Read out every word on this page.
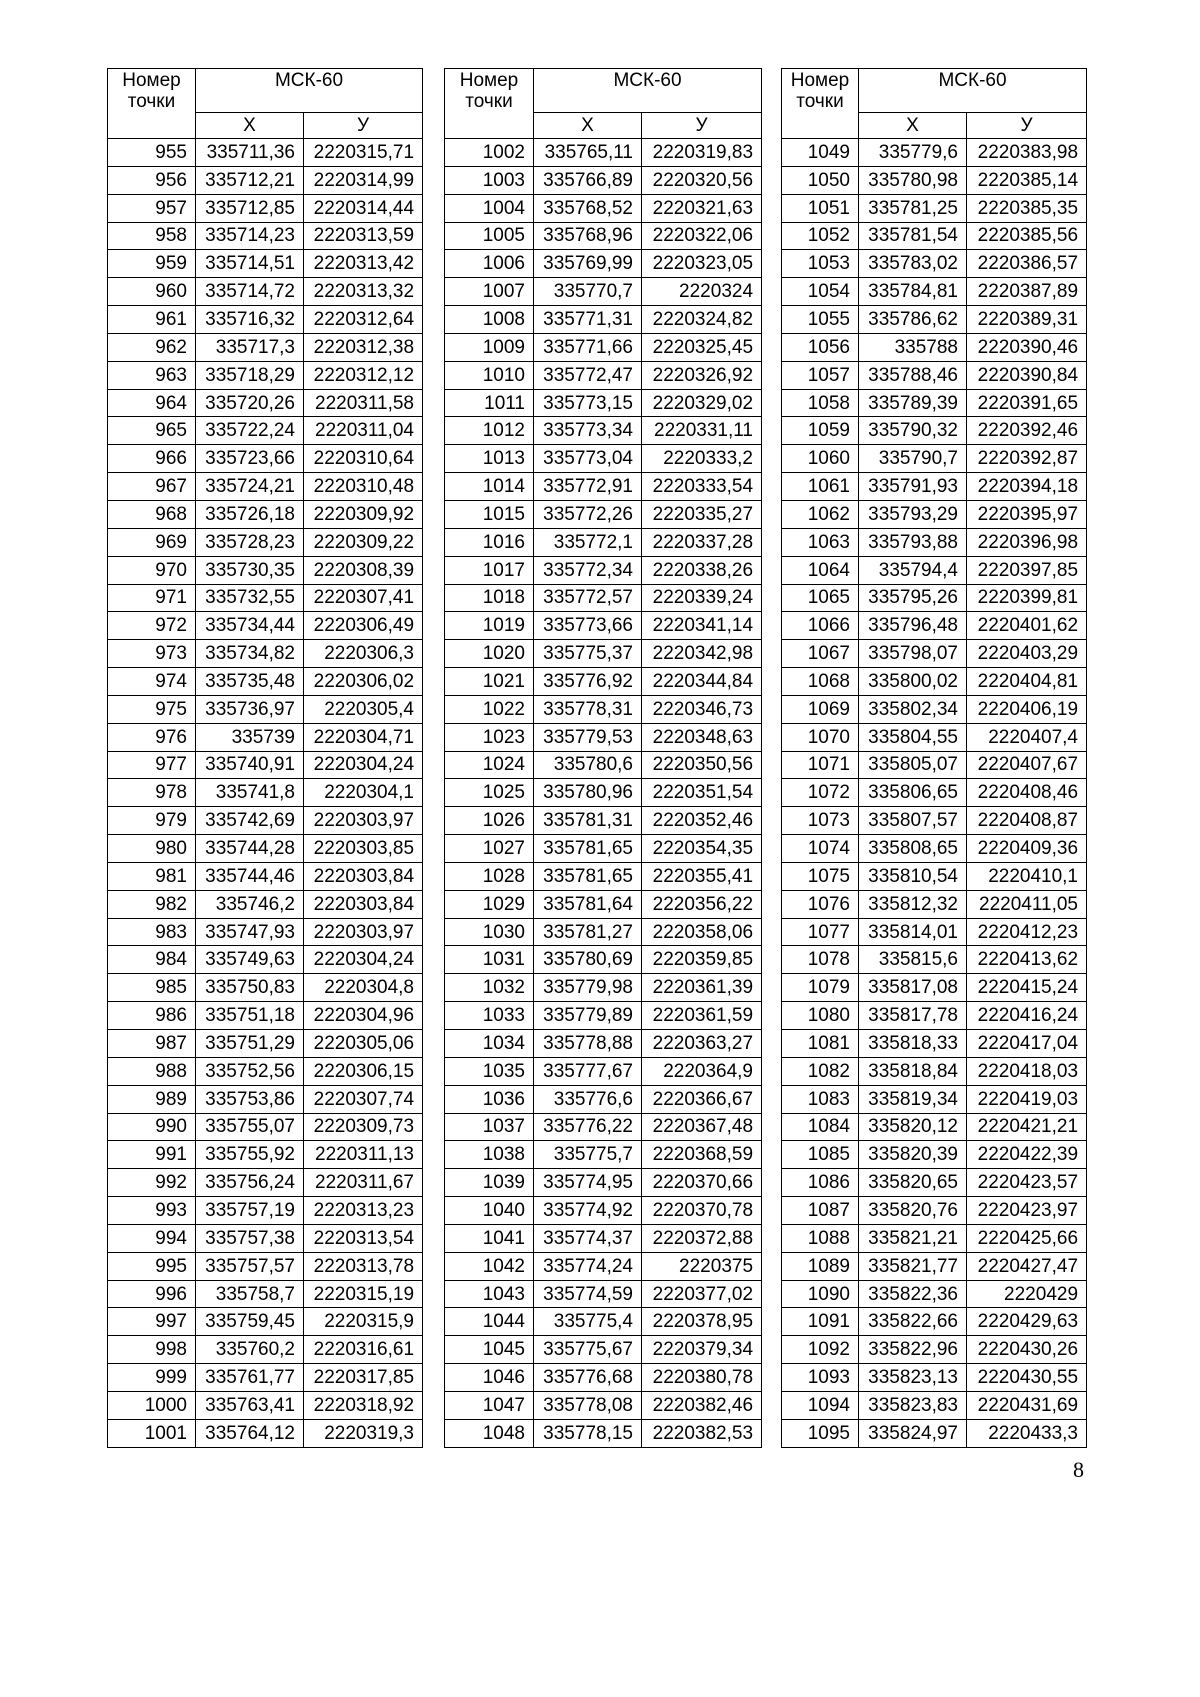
Номер точки	МСК-60	
	Х	У
955	335711,36	2220315,71
956	335712,21	2220314,99
957	335712,85	2220314,44
958	335714,23	2220313,59
959	335714,51	2220313,42
960	335714,72	2220313,32
961	335716,32	2220312,64
962	335717,3	2220312,38
963	335718,29	2220312,12
964	335720,26	2220311,58
965	335722,24	2220311,04
966	335723,66	2220310,64
967	335724,21	2220310,48
968	335726,18	2220309,92
969	335728,23	2220309,22
970	335730,35	2220308,39
971	335732,55	2220307,41
972	335734,44	2220306,49
973	335734,82	2220306,3
974	335735,48	2220306,02
975	335736,97	2220305,4
976	335739	2220304,71
977	335740,91	2220304,24
978	335741,8	2220304,1
979	335742,69	2220303,97
980	335744,28	2220303,85
981	335744,46	2220303,84
982	335746,2	2220303,84
983	335747,93	2220303,97
984	335749,63	2220304,24
985	335750,83	2220304,8
986	335751,18	2220304,96
987	335751,29	2220305,06
988	335752,56	2220306,15
989	335753,86	2220307,74
990	335755,07	2220309,73
991	335755,92	2220311,13
992	335756,24	2220311,67
993	335757,19	2220313,23
994	335757,38	2220313,54
995	335757,57	2220313,78
996	335758,7	2220315,19
997	335759,45	2220315,9
998	335760,2	2220316,61
999	335761,77	2220317,85
1000	335763,41	2220318,92
1001	335764,12	2220319,3
Номер точки	МСК-60	
	Х	У
1002	335765,11	2220319,83
1003	335766,89	2220320,56
1004	335768,52	2220321,63
1005	335768,96	2220322,06
1006	335769,99	2220323,05
1007	335770,7	2220324
1008	335771,31	2220324,82
1009	335771,66	2220325,45
1010	335772,47	2220326,92
1011	335773,15	2220329,02
1012	335773,34	2220331,11
1013	335773,04	2220333,2
1014	335772,91	2220333,54
1015	335772,26	2220335,27
1016	335772,1	2220337,28
1017	335772,34	2220338,26
1018	335772,57	2220339,24
1019	335773,66	2220341,14
1020	335775,37	2220342,98
1021	335776,92	2220344,84
1022	335778,31	2220346,73
1023	335779,53	2220348,63
1024	335780,6	2220350,56
1025	335780,96	2220351,54
1026	335781,31	2220352,46
1027	335781,65	2220354,35
1028	335781,65	2220355,41
1029	335781,64	2220356,22
1030	335781,27	2220358,06
1031	335780,69	2220359,85
1032	335779,98	2220361,39
1033	335779,89	2220361,59
1034	335778,88	2220363,27
1035	335777,67	2220364,9
1036	335776,6	2220366,67
1037	335776,22	2220367,48
1038	335775,7	2220368,59
1039	335774,95	2220370,66
1040	335774,92	2220370,78
1041	335774,37	2220372,88
1042	335774,24	2220375
1043	335774,59	2220377,02
1044	335775,4	2220378,95
1045	335775,67	2220379,34
1046	335776,68	2220380,78
1047	335778,08	2220382,46
1048	335778,15	2220382,53
Номер точки	МСК-60	
	Х	У
1049	335779,6	2220383,98
1050	335780,98	2220385,14
1051	335781,25	2220385,35
1052	335781,54	2220385,56
1053	335783,02	2220386,57
1054	335784,81	2220387,89
1055	335786,62	2220389,31
1056	335788	2220390,46
1057	335788,46	2220390,84
1058	335789,39	2220391,65
1059	335790,32	2220392,46
1060	335790,7	2220392,87
1061	335791,93	2220394,18
1062	335793,29	2220395,97
1063	335793,88	2220396,98
1064	335794,4	2220397,85
1065	335795,26	2220399,81
1066	335796,48	2220401,62
1067	335798,07	2220403,29
1068	335800,02	2220404,81
1069	335802,34	2220406,19
1070	335804,55	2220407,4
1071	335805,07	2220407,67
1072	335806,65	2220408,46
1073	335807,57	2220408,87
1074	335808,65	2220409,36
1075	335810,54	2220410,1
1076	335812,32	2220411,05
1077	335814,01	2220412,23
1078	335815,6	2220413,62
1079	335817,08	2220415,24
1080	335817,78	2220416,24
1081	335818,33	2220417,04
1082	335818,84	2220418,03
1083	335819,34	2220419,03
1084	335820,12	2220421,21
1085	335820,39	2220422,39
1086	335820,65	2220423,57
1087	335820,76	2220423,97
1088	335821,21	2220425,66
1089	335821,77	2220427,47
1090	335822,36	2220429
1091	335822,66	2220429,63
1092	335822,96	2220430,26
1093	335823,13	2220430,55
1094	335823,83	2220431,69
1095	335824,97	2220433,3
8
